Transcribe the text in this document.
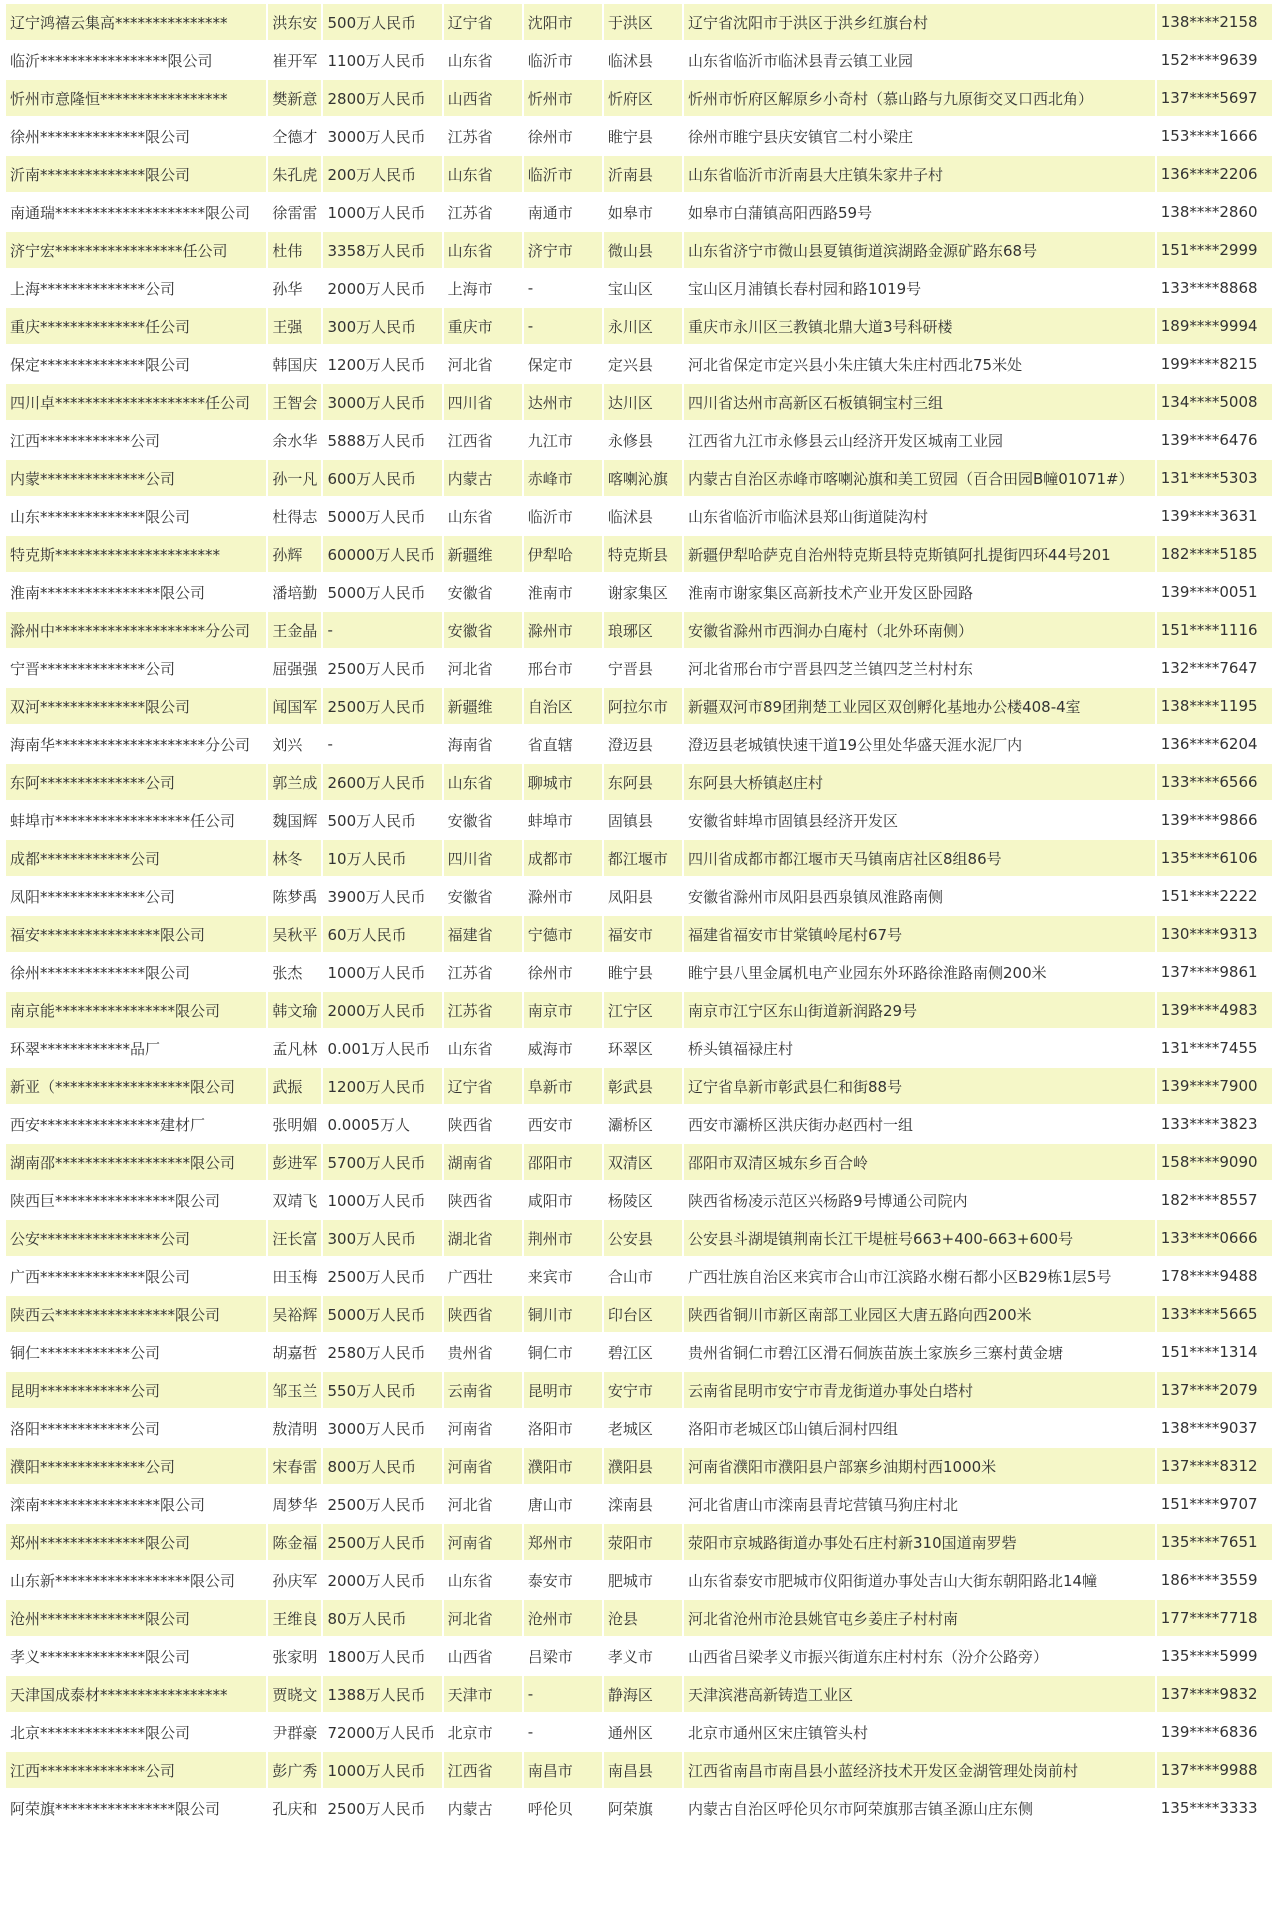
辽宁鸿禧云集高***************	洪东安	500万人民币	辽宁省	沈阳市	于洪区	辽宁省沈阳市于洪区于洪乡红旗台村	138****2158
临沂*****************限公司	崔开军	1100万人民币	山东省	临沂市	临沭县	山东省临沂市临沭县青云镇工业园	152****9639
忻州市意隆恒*****************	樊新意	2800万人民币	山西省	忻州市	忻府区	忻州市忻府区解原乡小奇村（慕山路与九原街交叉口西北角）	137****5697
徐州**************限公司	仝德才	3000万人民币	江苏省	徐州市	睢宁县	徐州市睢宁县庆安镇官二村小梁庄	153****1666
沂南**************限公司	朱孔虎	200万人民币	山东省	临沂市	沂南县	山东省临沂市沂南县大庄镇朱家井子村	136****2206
南通瑞********************限公司	徐雷雷	1000万人民币	江苏省	南通市	如皋市	如皋市白蒲镇高阳西路59号	138****2860
济宁宏*****************任公司	杜伟	3358万人民币	山东省	济宁市	微山县	山东省济宁市微山县夏镇街道滨湖路金源矿路东68号	151****2999
上海**************公司	孙华	2000万人民币	上海市	-	宝山区	宝山区月浦镇长春村园和路1019号	133****8868
重庆**************任公司	王强	300万人民币	重庆市	-	永川区	重庆市永川区三教镇北鼎大道3号科研楼	189****9994
保定**************限公司	韩国庆	1200万人民币	河北省	保定市	定兴县	河北省保定市定兴县小朱庄镇大朱庄村西北75米处	199****8215
四川卓********************任公司	王智会	3000万人民币	四川省	达州市	达川区	四川省达州市高新区石板镇铜宝村三组	134****5008
江西************公司	余水华	5888万人民币	江西省	九江市	永修县	江西省九江市永修县云山经济开发区城南工业园	139****6476
内蒙**************公司	孙一凡	600万人民币	内蒙古	赤峰市	喀喇沁旗	内蒙古自治区赤峰市喀喇沁旗和美工贸园（百合田园B幢01071#）	131****5303
山东**************限公司	杜得志	5000万人民币	山东省	临沂市	临沭县	山东省临沂市临沭县郑山街道陡沟村	139****3631
特克斯**********************	孙辉	60000万人民币	新疆维	伊犁哈	特克斯县	新疆伊犁哈萨克自治州特克斯县特克斯镇阿扎提街四环44号201	182****5185
淮南****************限公司	潘培勤	5000万人民币	安徽省	淮南市	谢家集区	淮南市谢家集区高新技术产业开发区卧园路	139****0051
滁州中********************分公司	王金晶	-	安徽省	滁州市	琅琊区	安徽省滁州市西涧办白庵村（北外环南侧）	151****1116
宁晋**************公司	屈强强	2500万人民币	河北省	邢台市	宁晋县	河北省邢台市宁晋县四芝兰镇四芝兰村村东	132****7647
双河**************限公司	闻国军	2500万人民币	新疆维	自治区	阿拉尔市	新疆双河市89团荆楚工业园区双创孵化基地办公楼408-4室	138****1195
海南华********************分公司	刘兴	-	海南省	省直辖	澄迈县	澄迈县老城镇快速干道19公里处华盛天涯水泥厂内	136****6204
东阿**************公司	郭兰成	2600万人民币	山东省	聊城市	东阿县	东阿县大桥镇赵庄村	133****6566
蚌埠市******************任公司	魏国辉	500万人民币	安徽省	蚌埠市	固镇县	安徽省蚌埠市固镇县经济开发区	139****9866
成都************公司	林冬	10万人民币	四川省	成都市	都江堰市	四川省成都市都江堰市天马镇南店社区8组86号	135****6106
凤阳**************公司	陈梦禹	3900万人民币	安徽省	滁州市	凤阳县	安徽省滁州市凤阳县西泉镇凤淮路南侧	151****2222
福安****************限公司	吴秋平	60万人民币	福建省	宁德市	福安市	福建省福安市甘棠镇岭尾村67号	130****9313
徐州**************限公司	张杰	1000万人民币	江苏省	徐州市	睢宁县	睢宁县八里金属机电产业园东外环路徐淮路南侧200米	137****9861
南京能****************限公司	韩文瑜	2000万人民币	江苏省	南京市	江宁区	南京市江宁区东山街道新润路29号	139****4983
环翠************品厂	孟凡林	0.001万人民币	山东省	威海市	环翠区	桥头镇福禄庄村	131****7455
新亚（******************限公司	武振	1200万人民币	辽宁省	阜新市	彰武县	辽宁省阜新市彰武县仁和街88号	139****7900
西安****************建材厂	张明媚	0.0005万人	陕西省	西安市	灞桥区	西安市灞桥区洪庆街办赵西村一组	133****3823
湖南邵******************限公司	彭进军	5700万人民币	湖南省	邵阳市	双清区	邵阳市双清区城东乡百合岭	158****9090
陕西巨****************限公司	双靖飞	1000万人民币	陕西省	咸阳市	杨陵区	陕西省杨凌示范区兴杨路9号博通公司院内	182****8557
公安****************公司	汪长富	300万人民币	湖北省	荆州市	公安县	公安县斗湖堤镇荆南长江干堤桩号663+400-663+600号	133****0666
广西**************限公司	田玉梅	2500万人民币	广西壮	来宾市	合山市	广西壮族自治区来宾市合山市江滨路水榭石都小区B29栋1层5号	178****9488
陕西云****************限公司	吴裕辉	5000万人民币	陕西省	铜川市	印台区	陕西省铜川市新区南部工业园区大唐五路向西200米	133****5665
铜仁************公司	胡嘉哲	2580万人民币	贵州省	铜仁市	碧江区	贵州省铜仁市碧江区滑石侗族苗族土家族乡三寨村黄金塘	151****1314
昆明************公司	邹玉兰	550万人民币	云南省	昆明市	安宁市	云南省昆明市安宁市青龙街道办事处白塔村	137****2079
洛阳************公司	敖清明	3000万人民币	河南省	洛阳市	老城区	洛阳市老城区邙山镇后洞村四组	138****9037
濮阳**************公司	宋春雷	800万人民币	河南省	濮阳市	濮阳县	河南省濮阳市濮阳县户部寨乡油期村西1000米	137****8312
滦南****************限公司	周梦华	2500万人民币	河北省	唐山市	滦南县	河北省唐山市滦南县青坨营镇马狗庄村北	151****9707
郑州**************限公司	陈金福	2500万人民币	河南省	郑州市	荥阳市	荥阳市京城路街道办事处石庄村新310国道南罗砦	135****7651
山东新******************限公司	孙庆军	2000万人民币	山东省	泰安市	肥城市	山东省泰安市肥城市仪阳街道办事处吉山大街东朝阳路北14幢	186****3559
沧州**************限公司	王维良	80万人民币	河北省	沧州市	沧县	河北省沧州市沧县姚官屯乡姜庄子村村南	177****7718
孝义**************限公司	张家明	1800万人民币	山西省	吕梁市	孝义市	山西省吕梁孝义市振兴街道东庄村村东（汾介公路旁）	135****5999
天津国成泰材*****************	贾晓文	1388万人民币	天津市	-	静海区	天津滨港高新铸造工业区	137****9832
北京**************限公司	尹群豪	72000万人民币	北京市	-	通州区	北京市通州区宋庄镇管头村	139****6836
江西**************公司	彭广秀	1000万人民币	江西省	南昌市	南昌县	江西省南昌市南昌县小蓝经济技术开发区金湖管理处岗前村	137****9988
阿荣旗****************限公司	孔庆和	2500万人民币	内蒙古	呼伦贝	阿荣旗	内蒙古自治区呼伦贝尔市阿荣旗那吉镇圣源山庄东侧	135****3333
